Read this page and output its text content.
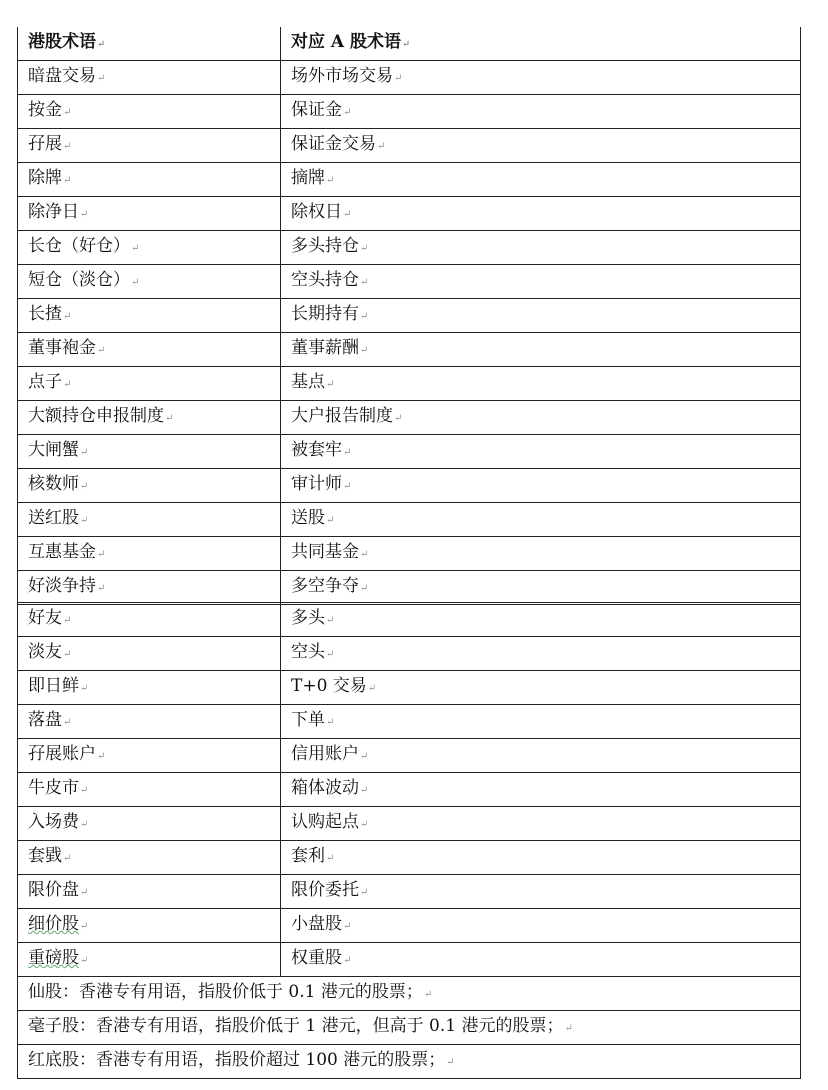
港股术语↵	对应 A 股术语↵
暗盘交易↵	场外市场交易↵
按金↵	保证金↵
孖展↵	保证金交易↵
除牌↵	摘牌↵
除净日↵	除权日↵
长仓（好仓）↵	多头持仓↵
短仓（淡仓）↵	空头持仓↵
长揸↵	长期持有↵
董事袍金↵	董事薪酬↵
点子↵	基点↵
大额持仓申报制度↵	大户报告制度↵
大闸蟹↵	被套牢↵
核数师↵	审计师↵
送红股↵	送股↵
互惠基金↵	共同基金↵
好淡争持↵	多空争夺↵
好友↵	多头↵
淡友↵	空头↵
即日鲜↵	T+0 交易↵
落盘↵	下单↵
孖展账户↵	信用账户↵
牛皮市↵	箱体波动↵
入场费↵	认购起点↵
套戥↵	套利↵
限价盘↵	限价委托↵
细价股↵	小盘股↵
重磅股↵	权重股↵
仙股：香港专有用语，指股价低于 0.1 港元的股票；↵	
毫子股：香港专有用语，指股价低于 1 港元，但高于 0.1 港元的股票；↵	
红底股：香港专有用语，指股价超过 100 港元的股票；↵	
